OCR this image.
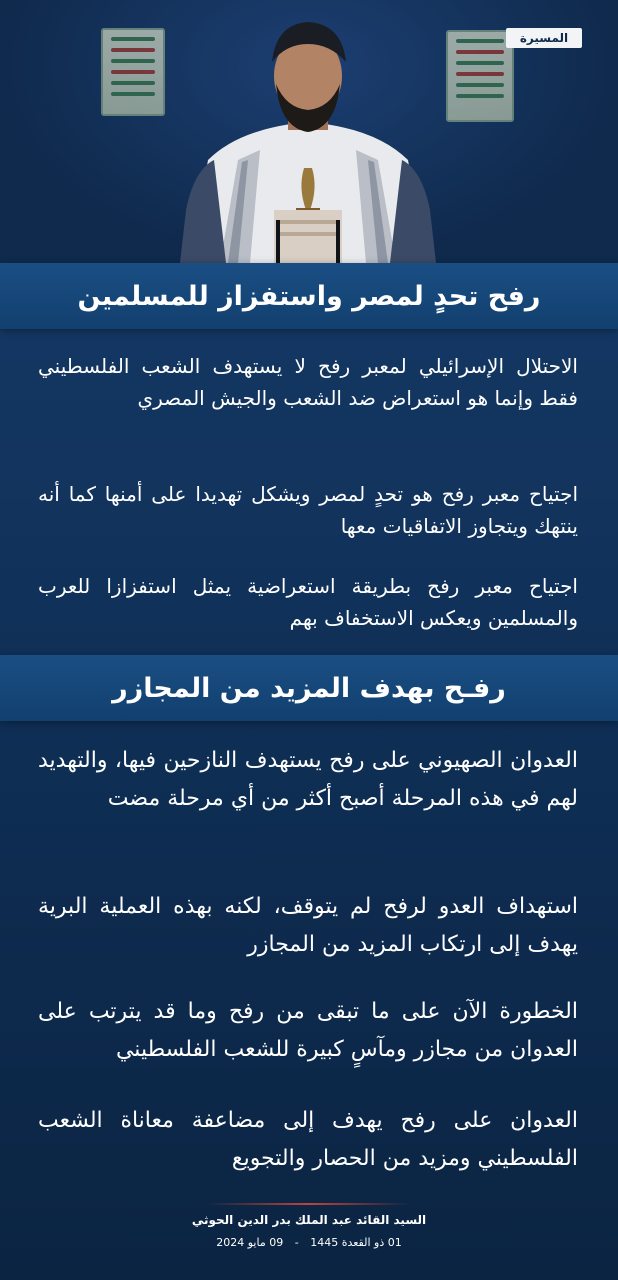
المسيرة
رفح تحدٍ لمصر واستفزاز للمسلمين

الاحتلال الإسرائيلي لمعبر رفح لا يستهدف الشعب الفلسطيني فقط وإنما هو استعراض ضد الشعب والجيش المصري

اجتياح معبر رفح هو تحدٍ لمصر ويشكل تهديدا على أمنها كما أنه ينتهك ويتجاوز الاتفاقيات معها

اجتياح معبر رفح بطريقة استعراضية يمثل استفزازا للعرب والمسلمين ويعكس الاستخفاف بهم

رفـح بهدف المزيد من المجازر

العدوان الصهيوني على رفح يستهدف النازحين فيها، والتهديد لهم في هذه المرحلة أصبح أكثر من أي مرحلة مضت

استهداف العدو لرفح لم يتوقف، لكنه بهذه العملية البرية يهدف إلى ارتكاب المزيد من المجازر

الخطورة الآن على ما تبقى من رفح وما قد يترتب على العدوان من مجازر ومآسٍ كبيرة للشعب الفلسطيني

العدوان على رفح يهدف إلى مضاعفة معاناة الشعب الفلسطيني ومزيد من الحصار والتجويع

السيد القائد عبد الملك بدر الدين الحوثي
01 ذو القعدة 1445 - 09 مايو 2024
